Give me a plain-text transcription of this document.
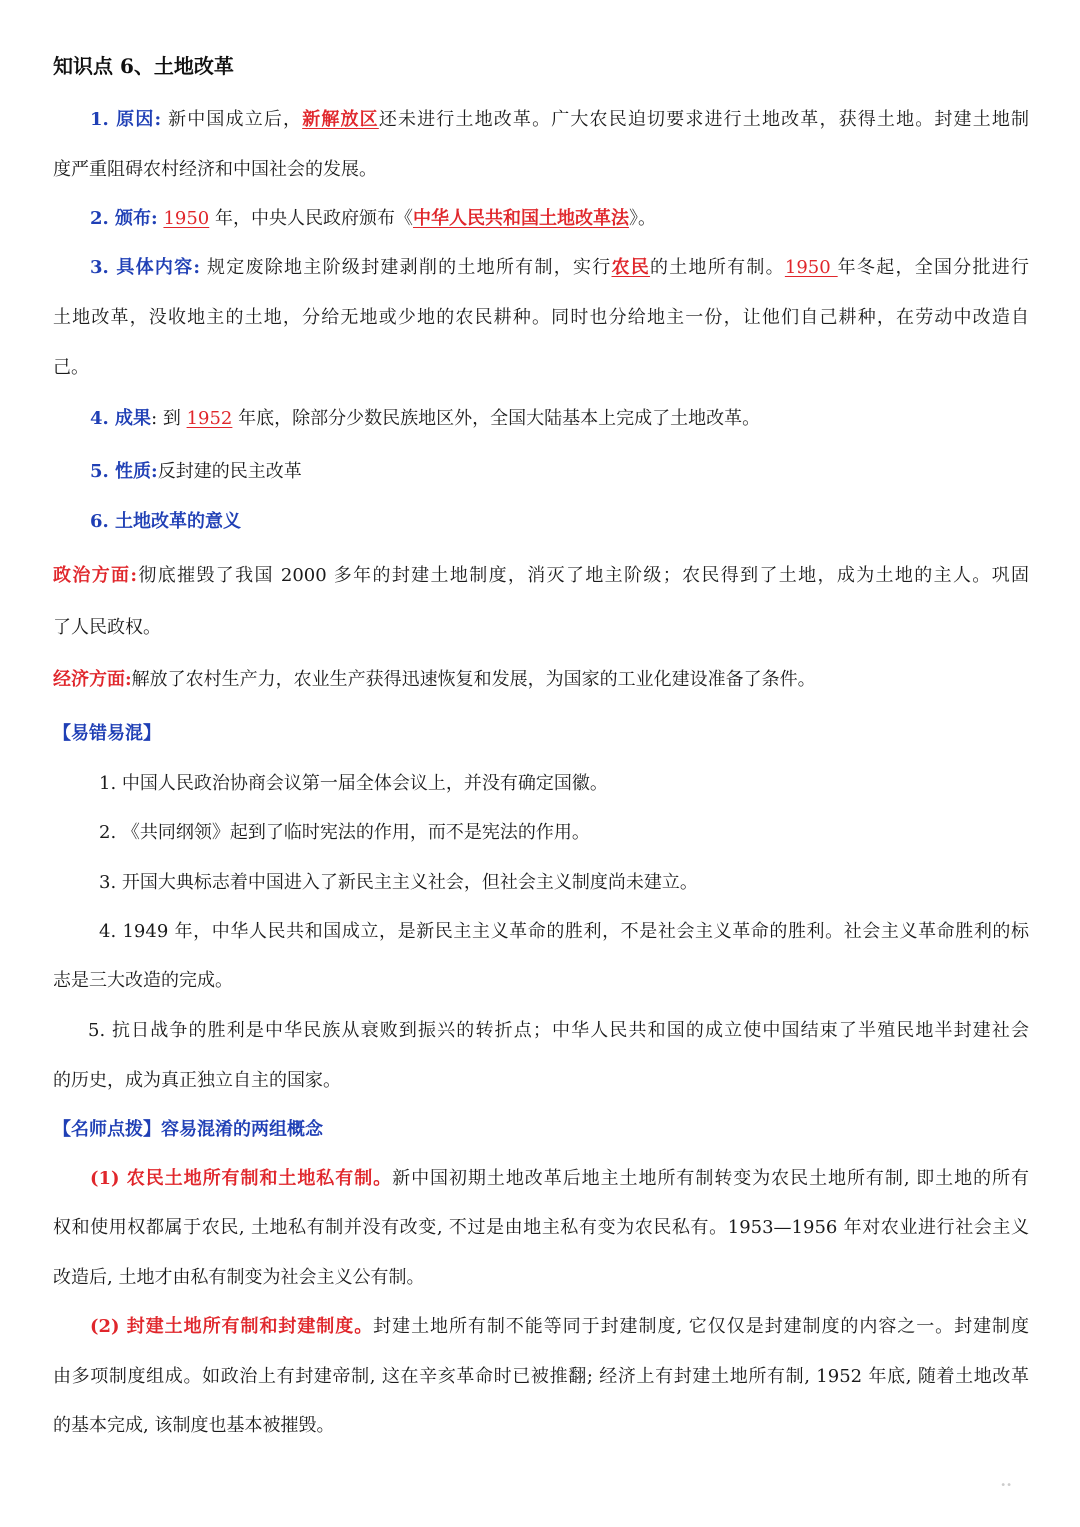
知识点 6、土地改革
1. 原因: 新中国成立后，新解放区还未进行土地改革。广大农民迫切要求进行土地改革，获得土地。封建土地制
度严重阻碍农村经济和中国社会的发展。
2. 颁布: 1950 年，中央人民政府颁布《中华人民共和国土地改革法》。
3. 具体内容: 规定废除地主阶级封建剥削的土地所有制，实行农民的土地所有制。1950 年冬起，全国分批进行
土地改革，没收地主的土地，分给无地或少地的农民耕种。同时也分给地主一份，让他们自己耕种，在劳动中改造自
己。
4. 成果: 到 1952 年底，除部分少数民族地区外，全国大陆基本上完成了土地改革。
5. 性质:反封建的民主改革
6. 土地改革的意义
政治方面:彻底摧毁了我国 2000 多年的封建土地制度，消灭了地主阶级；农民得到了土地，成为土地的主人。巩固
了人民政权。
经济方面:解放了农村生产力，农业生产获得迅速恢复和发展，为国家的工业化建设准备了条件。
【易错易混】
1. 中国人民政治协商会议第一届全体会议上，并没有确定国徽。
2. 《共同纲领》起到了临时宪法的作用，而不是宪法的作用。
3. 开国大典标志着中国进入了新民主主义社会，但社会主义制度尚未建立。
4. 1949 年，中华人民共和国成立，是新民主主义革命的胜利，不是社会主义革命的胜利。社会主义革命胜利的标
志是三大改造的完成。
5. 抗日战争的胜利是中华民族从衰败到振兴的转折点；中华人民共和国的成立使中国结束了半殖民地半封建社会
的历史，成为真正独立自主的国家。
【名师点拨】容易混淆的两组概念
(1) 农民土地所有制和土地私有制。新中国初期土地改革后地主土地所有制转变为农民土地所有制, 即土地的所有
权和使用权都属于农民, 土地私有制并没有改变, 不过是由地主私有变为农民私有。1953—1956 年对农业进行社会主义
改造后, 土地才由私有制变为社会主义公有制。
(2) 封建土地所有制和封建制度。封建土地所有制不能等同于封建制度, 它仅仅是封建制度的内容之一。封建制度
由多项制度组成。如政治上有封建帝制, 这在辛亥革命时已被推翻; 经济上有封建土地所有制, 1952 年底, 随着土地改革
的基本完成, 该制度也基本被摧毁。
••
